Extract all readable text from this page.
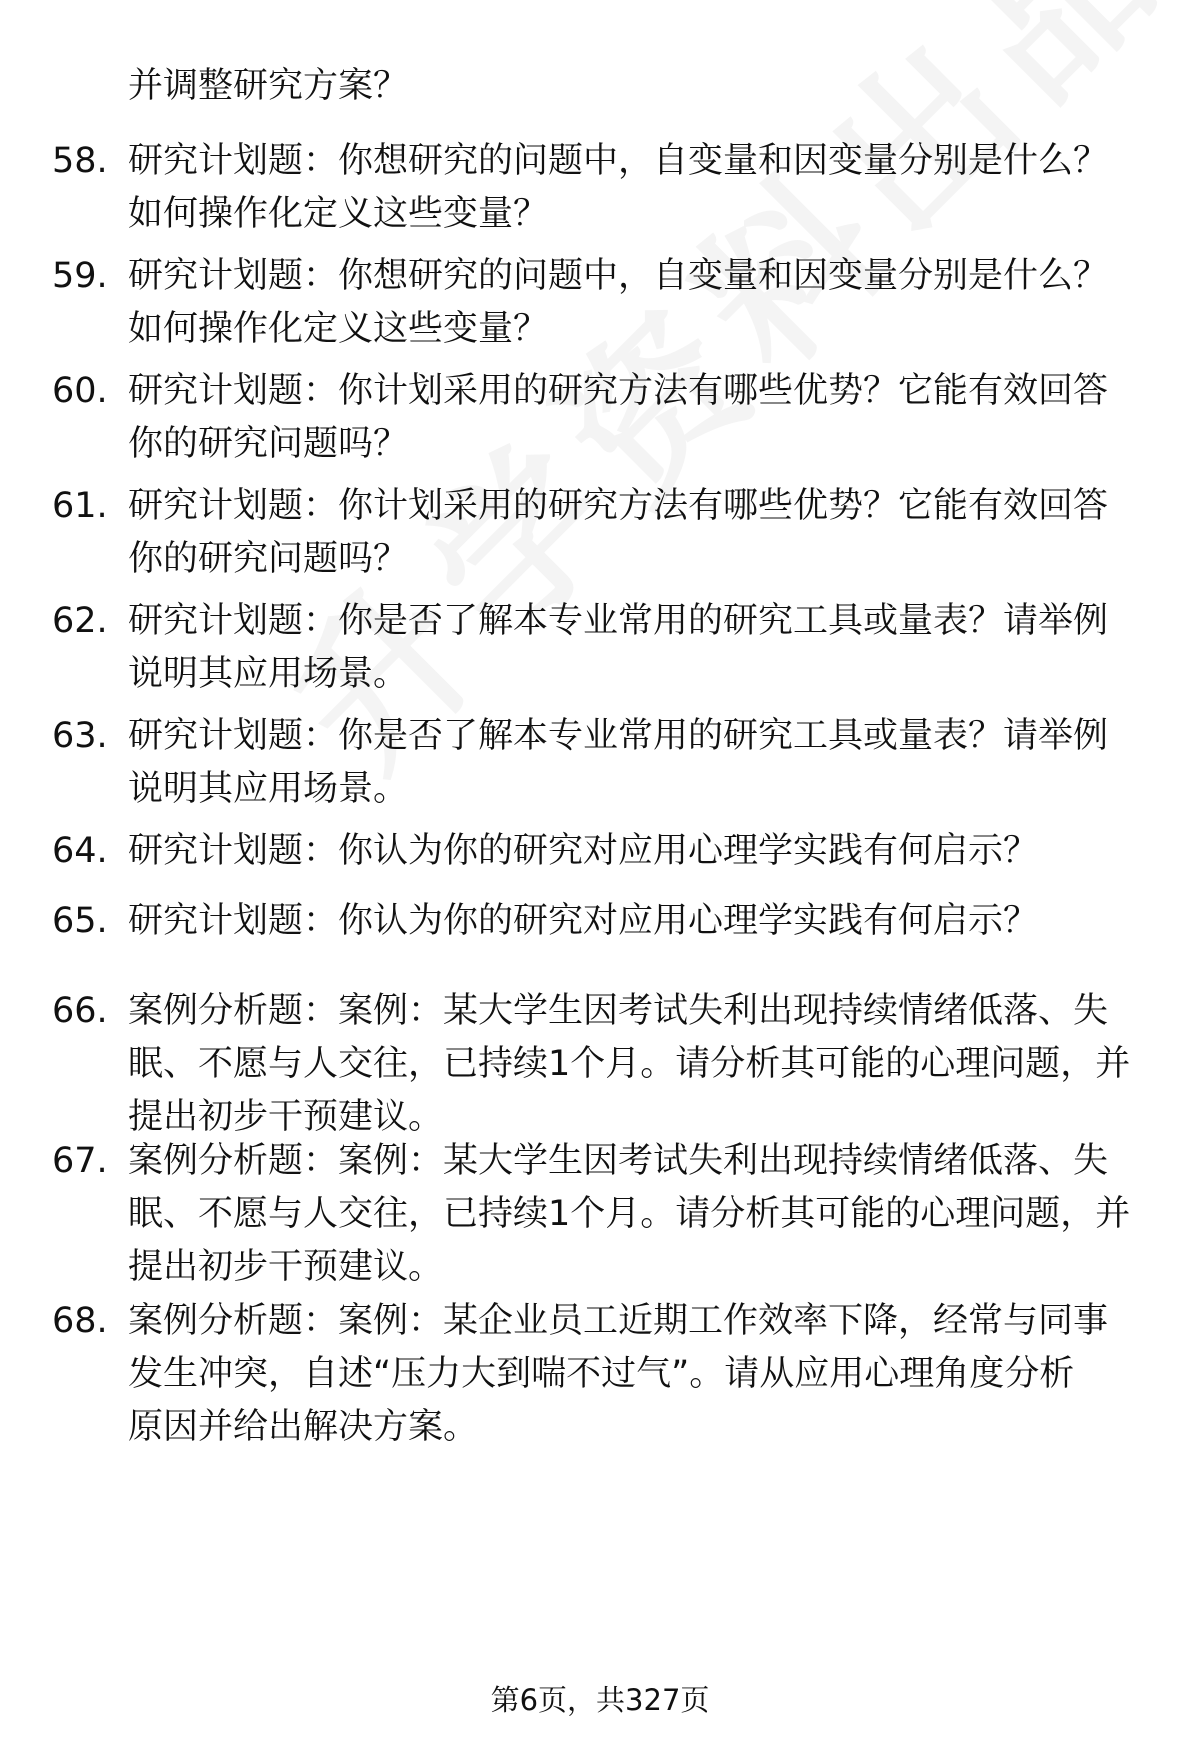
并调整研究方案？
58. 研究计划题：你想研究的问题中，自变量和因变量分别是什么？
如何操作化定义这些变量？
59. 研究计划题：你想研究的问题中，自变量和因变量分别是什么？
如何操作化定义这些变量？
60. 研究计划题：你计划采用的研究方法有哪些优势？它能有效回答
你的研究问题吗？
61. 研究计划题：你计划采用的研究方法有哪些优势？它能有效回答
你的研究问题吗？
62. 研究计划题：你是否了解本专业常用的研究工具或量表？请举例
说明其应用场景。
63. 研究计划题：你是否了解本专业常用的研究工具或量表？请举例
说明其应用场景。
64. 研究计划题：你认为你的研究对应用心理学实践有何启示？
65. 研究计划题：你认为你的研究对应用心理学实践有何启示？
66. 案例分析题：案例：某大学生因考试失利出现持续情绪低落、失
眠、不愿与人交往，已持续1个月。请分析其可能的心理问题，并
提出初步干预建议。
67. 案例分析题：案例：某大学生因考试失利出现持续情绪低落、失
眠、不愿与人交往，已持续1个月。请分析其可能的心理问题，并
提出初步干预建议。
68. 案例分析题：案例：某企业员工近期工作效率下降，经常与同事
发生冲突，自述“压力大到喘不过气”。请从应用心理角度分析
原因并给出解决方案。
第6页，共327页
